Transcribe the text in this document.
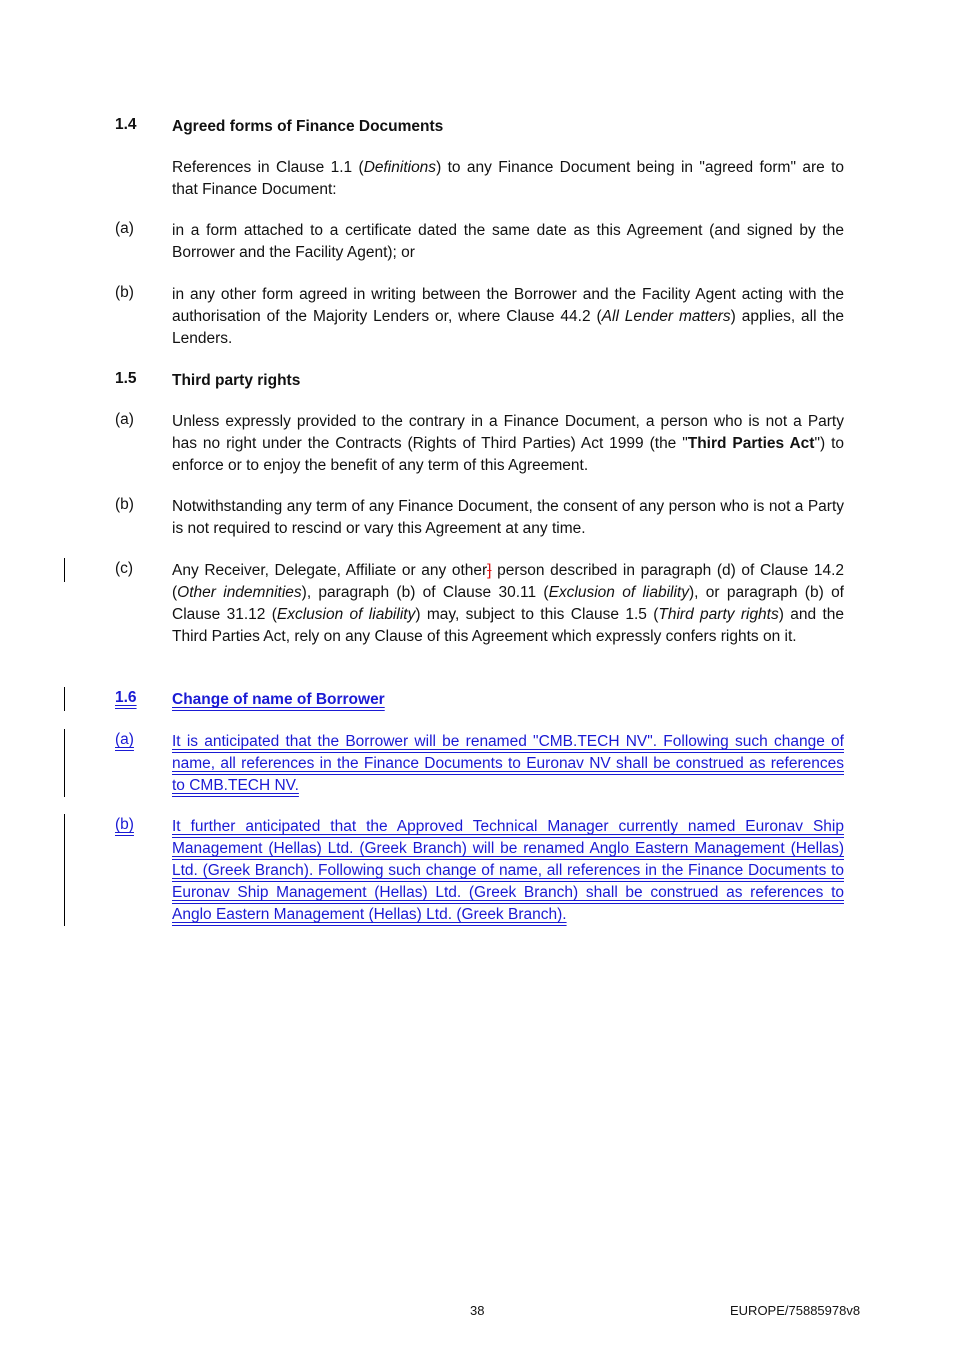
1.4 Agreed forms of Finance Documents
References in Clause 1.1 (Definitions) to any Finance Document being in "agreed form" are to that Finance Document:
(a) in a form attached to a certificate dated the same date as this Agreement (and signed by the Borrower and the Facility Agent); or
(b) in any other form agreed in writing between the Borrower and the Facility Agent acting with the authorisation of the Majority Lenders or, where Clause 44.2 (All Lender matters) applies, all the Lenders.
1.5 Third party rights
(a) Unless expressly provided to the contrary in a Finance Document, a person who is not a Party has no right under the Contracts (Rights of Third Parties) Act 1999 (the "Third Parties Act") to enforce or to enjoy the benefit of any term of this Agreement.
(b) Notwithstanding any term of any Finance Document, the consent of any person who is not a Party is not required to rescind or vary this Agreement at any time.
(c)	Any Receiver, Delegate, Affiliate or any other] person described in paragraph (d) of Clause 14.2 (Other indemnities), paragraph (b) of Clause 30.11 (Exclusion of liability), or paragraph (b) of Clause 31.12 (Exclusion of liability) may, subject to this Clause 1.5 (Third party rights) and the Third Parties Act, rely on any Clause of this Agreement which expressly confers rights on it.
1.6 Change of name of Borrower
(a) It is anticipated that the Borrower will be renamed "CMB.TECH NV". Following such change of name, all references in the Finance Documents to Euronav NV shall be construed as references to CMB.TECH NV.
(b) It further anticipated that the Approved Technical Manager currently named Euronav Ship Management (Hellas) Ltd. (Greek Branch) will be renamed Anglo Eastern Management (Hellas) Ltd. (Greek Branch). Following such change of name, all references in the Finance Documents to Euronav Ship Management (Hellas) Ltd. (Greek Branch) shall be construed as references to Anglo Eastern Management (Hellas) Ltd. (Greek Branch).
38	EUROPE/75885978v8
